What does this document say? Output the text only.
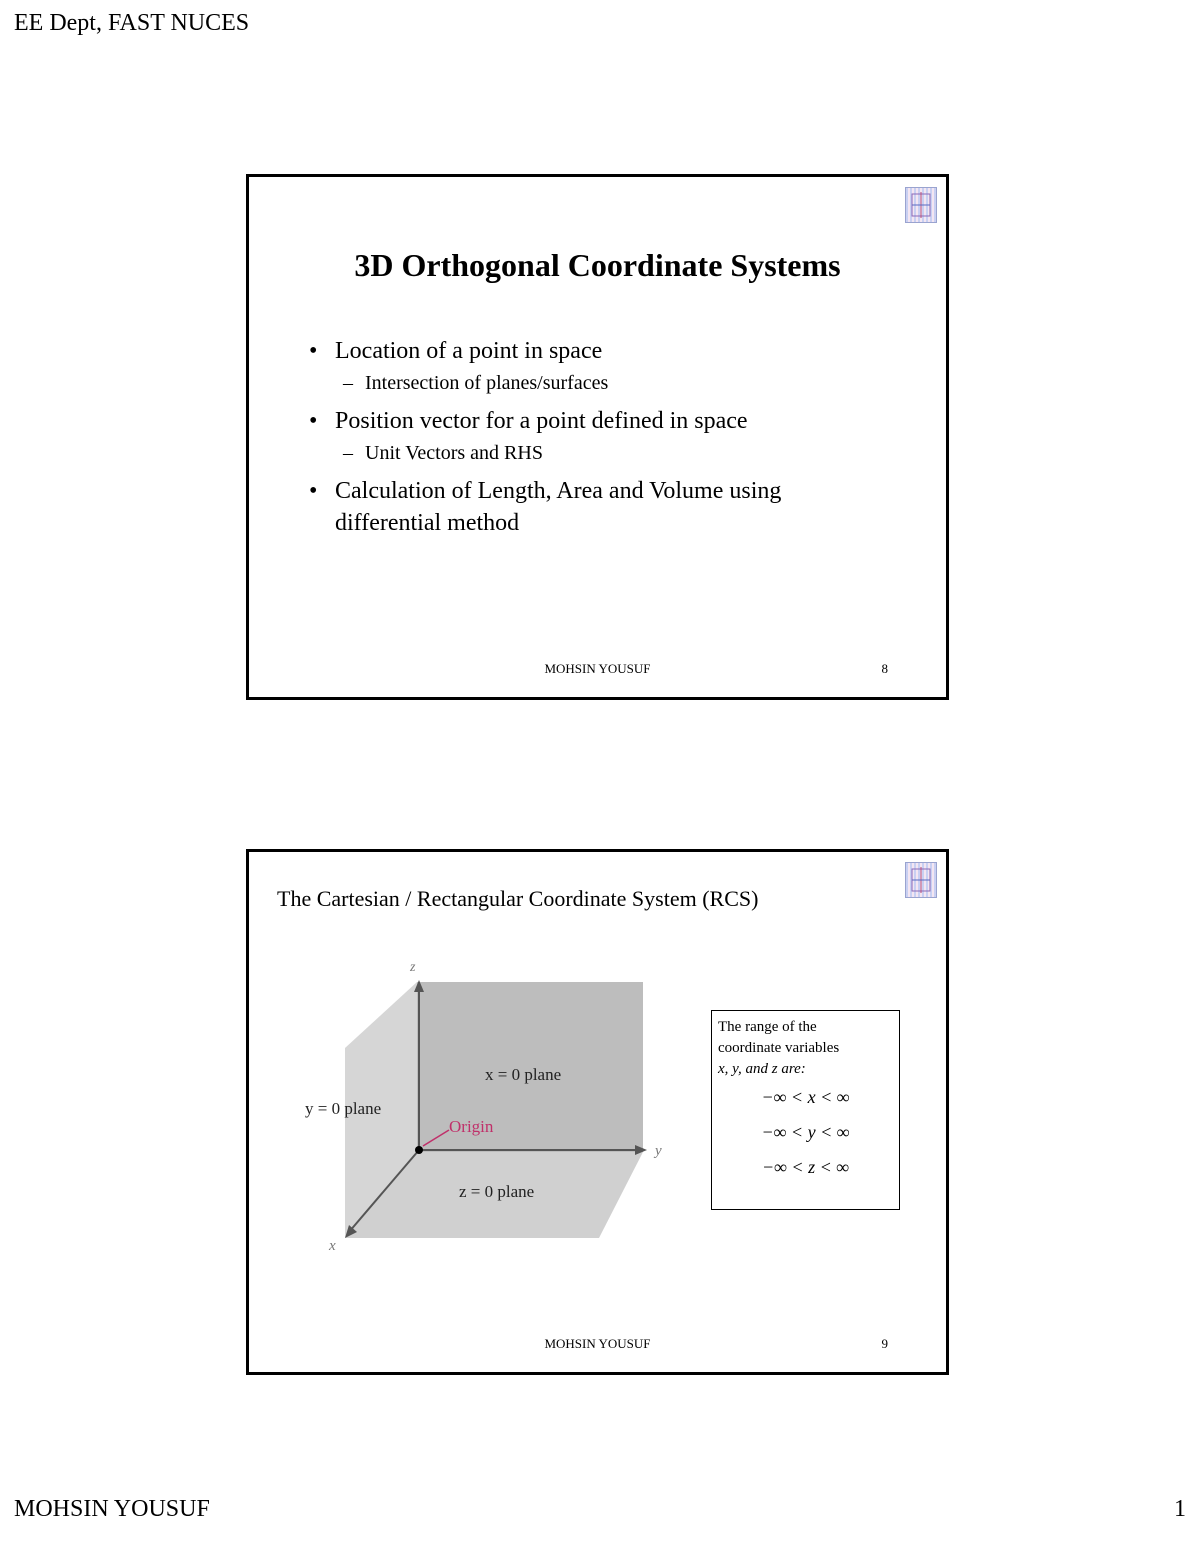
EE Dept, FAST NUCES
3D Orthogonal Coordinate Systems
• Location of a point in space
– Intersection of planes/surfaces
• Position vector for a point defined in space
– Unit Vectors and RHS
• Calculation of Length, Area and Volume using differential method
MOHSIN YOUSUF	8
The Cartesian / Rectangular Coordinate System (RCS)
z
y
x
x = 0 plane
y = 0 plane
z = 0 plane
Origin
The range of the
coordinate variables
x, y, and z are:
−∞ < x < ∞
−∞ < y < ∞
−∞ < z < ∞
MOHSIN YOUSUF	9
MOHSIN YOUSUF	1
